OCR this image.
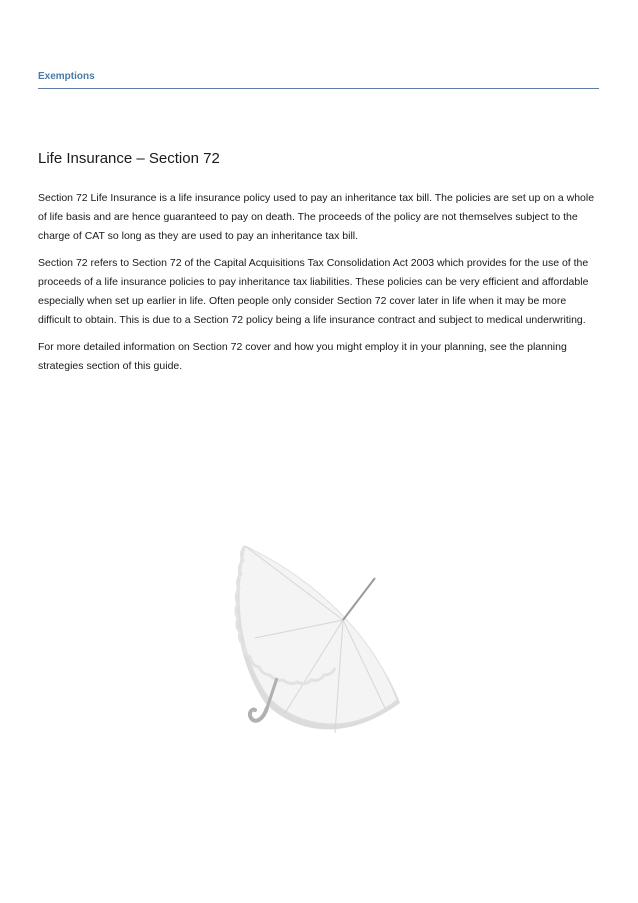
Exemptions
Life Insurance – Section 72

Section 72 Life Insurance is a life insurance policy used to pay an inheritance tax bill. The policies are set up on a whole of life basis and are hence guaranteed to pay on death. The proceeds of the policy are not themselves subject to the charge of CAT so long as they are used to pay an inheritance tax bill.

Section 72 refers to Section 72 of the Capital Acquisitions Tax Consolidation Act 2003 which provides for the use of the proceeds of a life insurance policies to pay inheritance tax liabilities. These policies can be very efficient and affordable especially when set up earlier in life. Often people only consider Section 72 cover later in life when it may be more difficult to obtain. This is due to a Section 72 policy being a life insurance contract and subject to medical underwriting.

For more detailed information on Section 72 cover and how you might employ it in your planning, see the planning strategies section of this guide.
